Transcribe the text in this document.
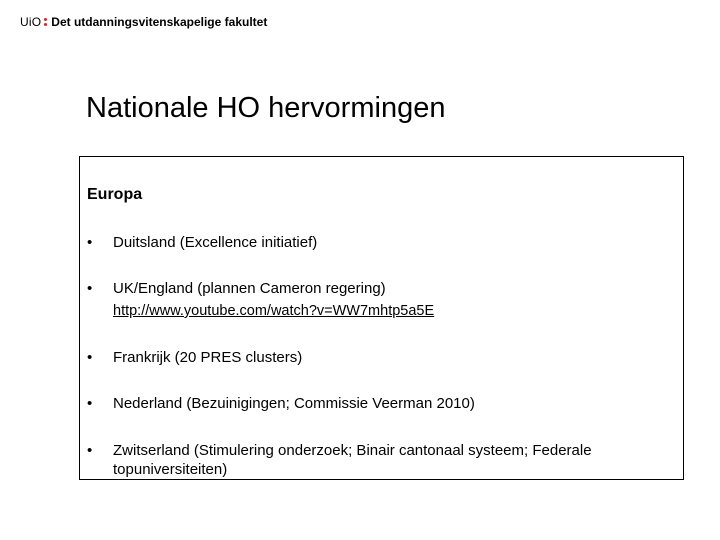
UiO Det utdanningsvitenskapelige fakultet
Nationale HO hervormingen
Europa
•	Duitsland (Excellence initiatief)
•	UK/England (plannen Cameron regering)
http://www.youtube.com/watch?v=WW7mhtp5a5E
•	Frankrijk (20 PRES clusters)
•	Nederland (Bezuinigingen; Commissie Veerman 2010)
•	Zwitserland (Stimulering onderzoek; Binair cantonaal systeem; Federale topuniversiteiten)
